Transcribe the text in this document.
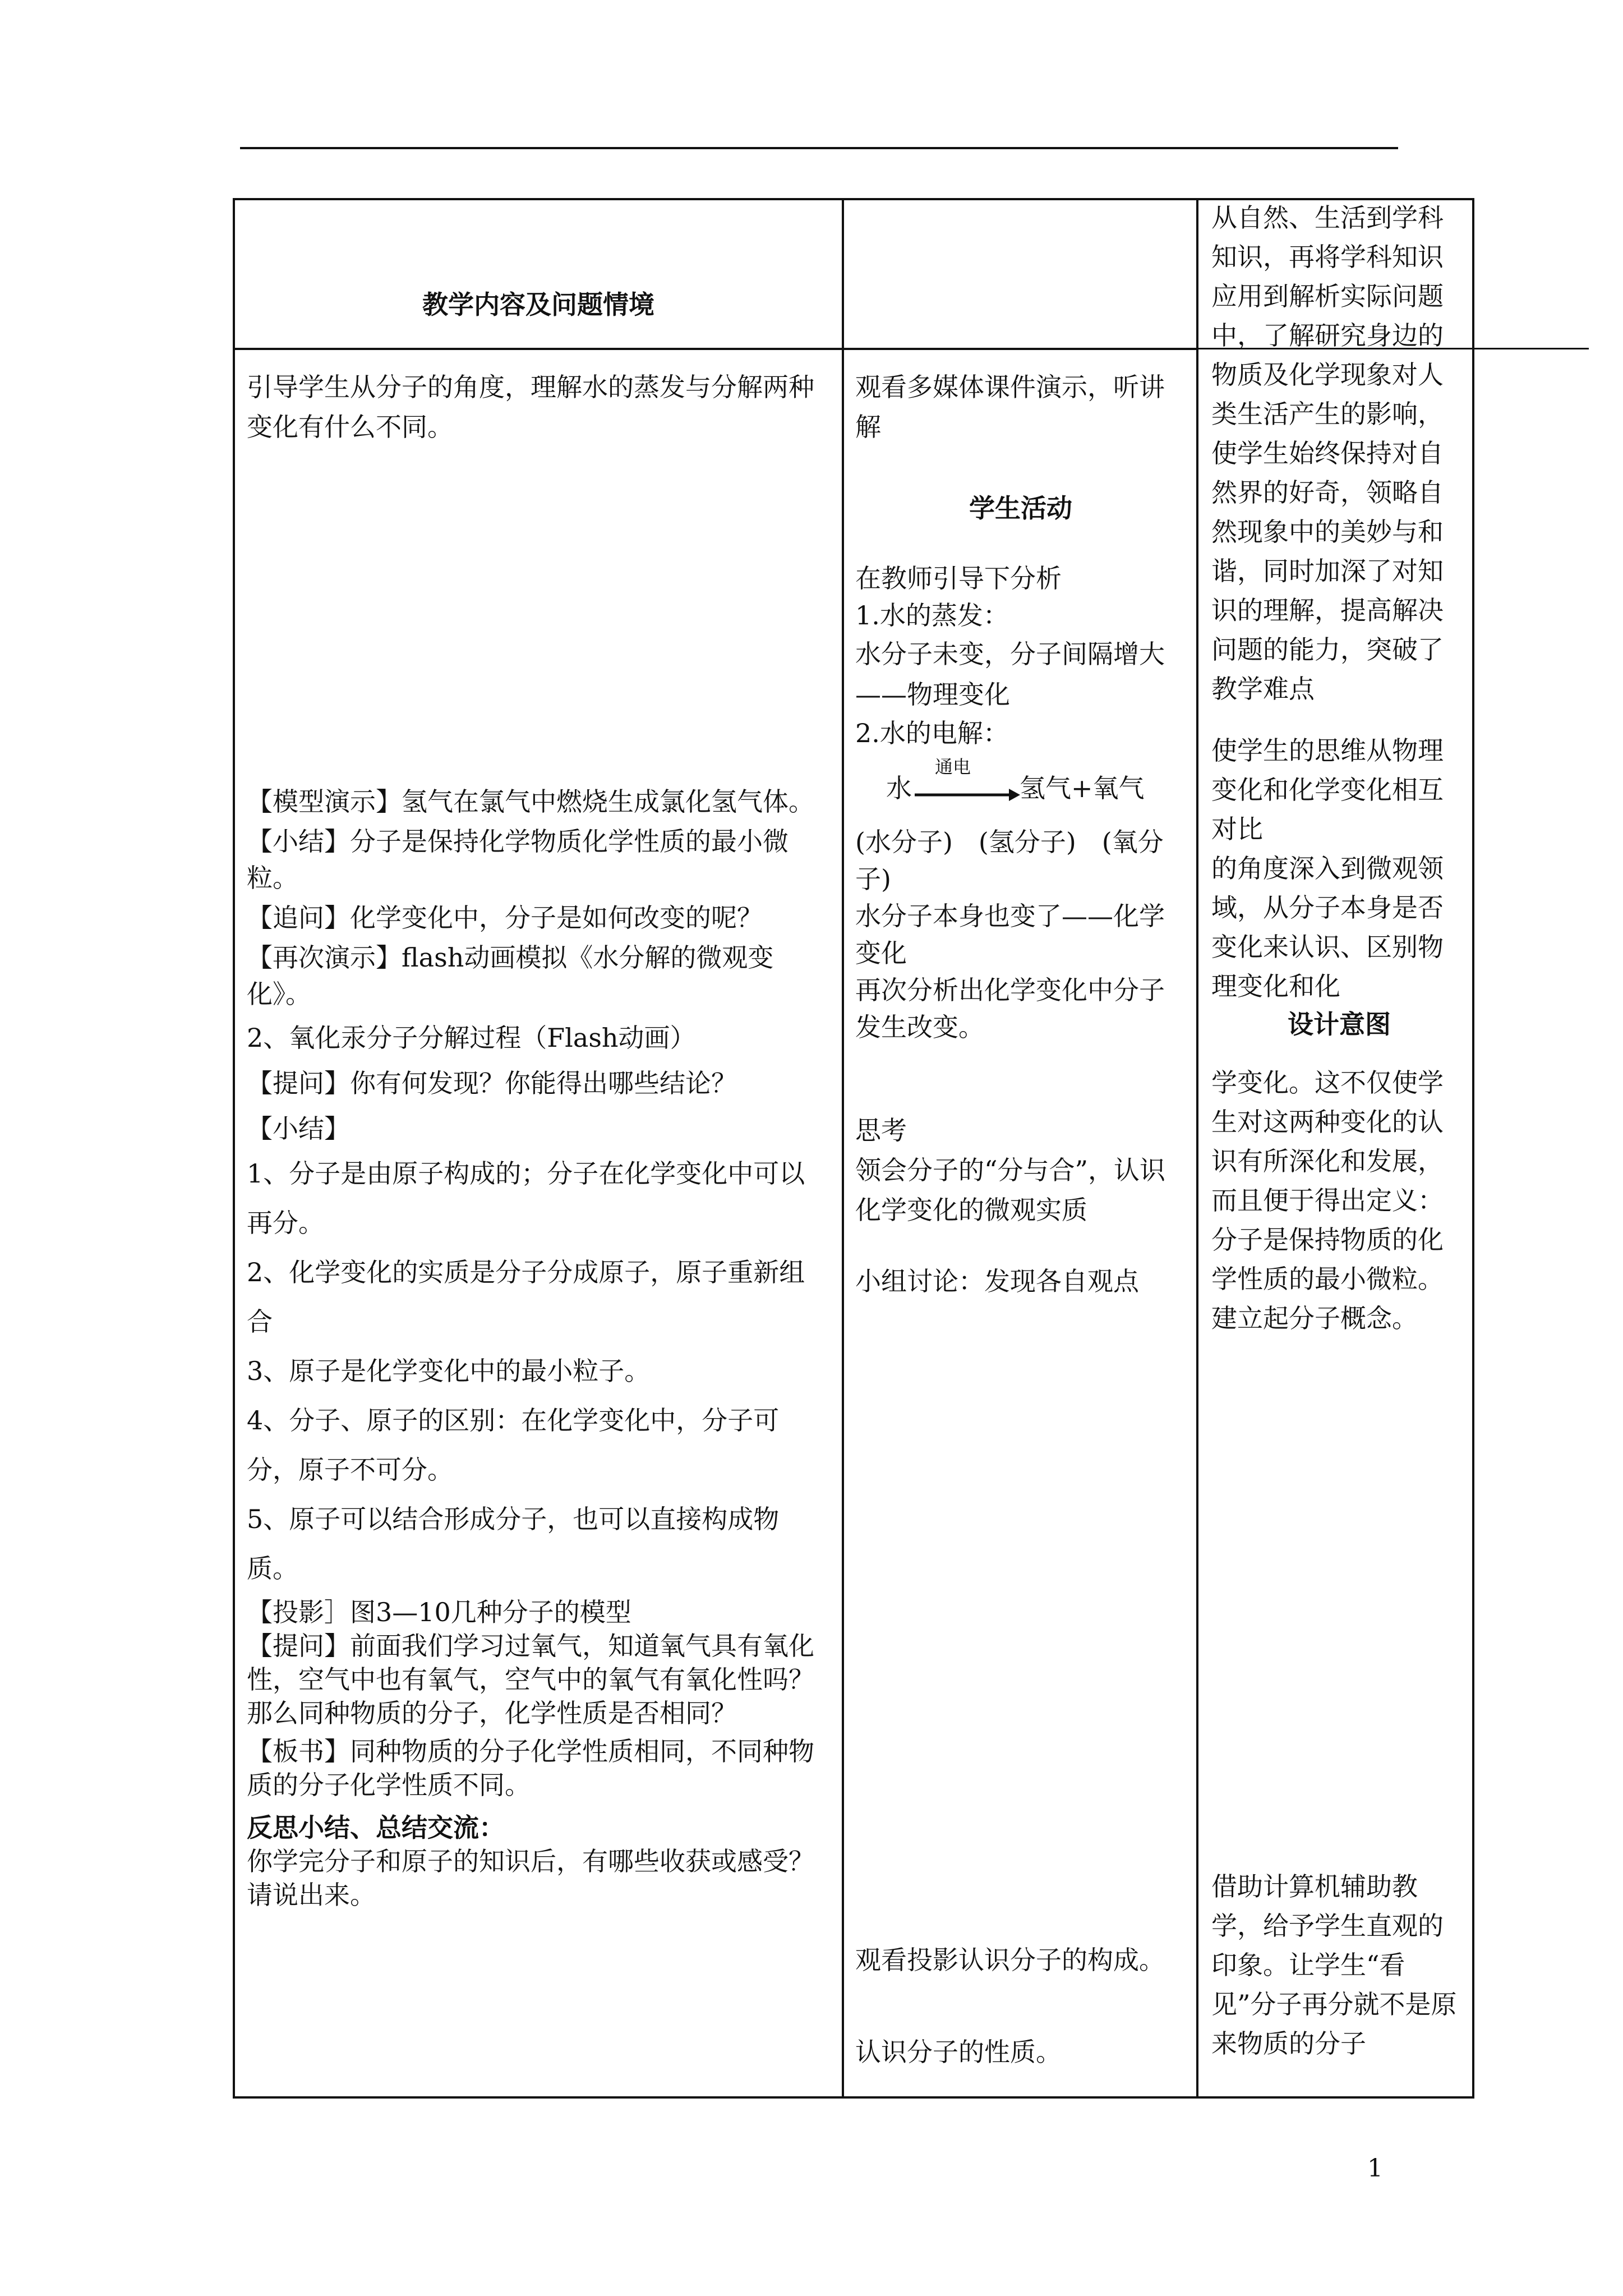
教学内容及问题情境

引导学生从分子的角度，理解水的蒸发与分解两种变化有什么不同。

【模型演示】氢气在氯气中燃烧生成氯化氢气体。

【小结】分子是保持化学物质化学性质的最小微粒。

【追问】化学变化中，分子是如何改变的呢？

【再次演示】flash动画模拟《水分解的微观变化》。

2、氧化汞分子分解过程（Flash动画）

【提问】你有何发现？你能得出哪些结论？

【小结】

1、分子是由原子构成的；分子在化学变化中可以再分。

2、化学变化的实质是分子分成原子，原子重新组合

3、原子是化学变化中的最小粒子。

4、分子、原子的区别：在化学变化中，分子可分，原子不可分。

5、原子可以结合形成分子，也可以直接构成物质。

【投影］图3—10几种分子的模型

【提问】前面我们学习过氧气，知道氧气具有氧化性，空气中也有氧气，空气中的氧气有氧化性吗？那么同种物质的分子，化学性质是否相同？

【板书】同种物质的分子化学性质相同，不同种物质的分子化学性质不同。

反思小结、总结交流：

你学完分子和原子的知识后，有哪些收获或感受？请说出来。

观看多媒体课件演示，听讲解

学生活动

在教师引导下分析

1.水的蒸发：

水分子未变，分子间隔增大——物理变化

2.水的电解：

水
通电
氢气+氧气

(水分子)　(氢分子)　(氧分子)

水分子本身也变了——化学变化

再次分析出化学变化中分子发生改变。

思考

领会分子的“分与合”，认识化学变化的微观实质

小组讨论：发现各自观点

观看投影认识分子的构成。

认识分子的性质。

从自然、生活到学科知识，再将学科知识应用到解析实际问题中，了解研究身边的物质及化学现象对人类生活产生的影响，使学生始终保持对自然界的好奇，领略自然现象中的美妙与和谐，同时加深了对知识的理解，提高解决问题的能力，突破了教学难点

使学生的思维从物理变化和化学变化相互对比

的角度深入到微观领域，从分子本身是否变化来认识、区别物理变化和化

设计意图

学变化。这不仅使学生对这两种变化的认识有所深化和发展，而且便于得出定义：分子是保持物质的化学性质的最小微粒。建立起分子概念。

借助计算机辅助教学，给予学生直观的印象。让学生“看见”分子再分就不是原来物质的分子

1
